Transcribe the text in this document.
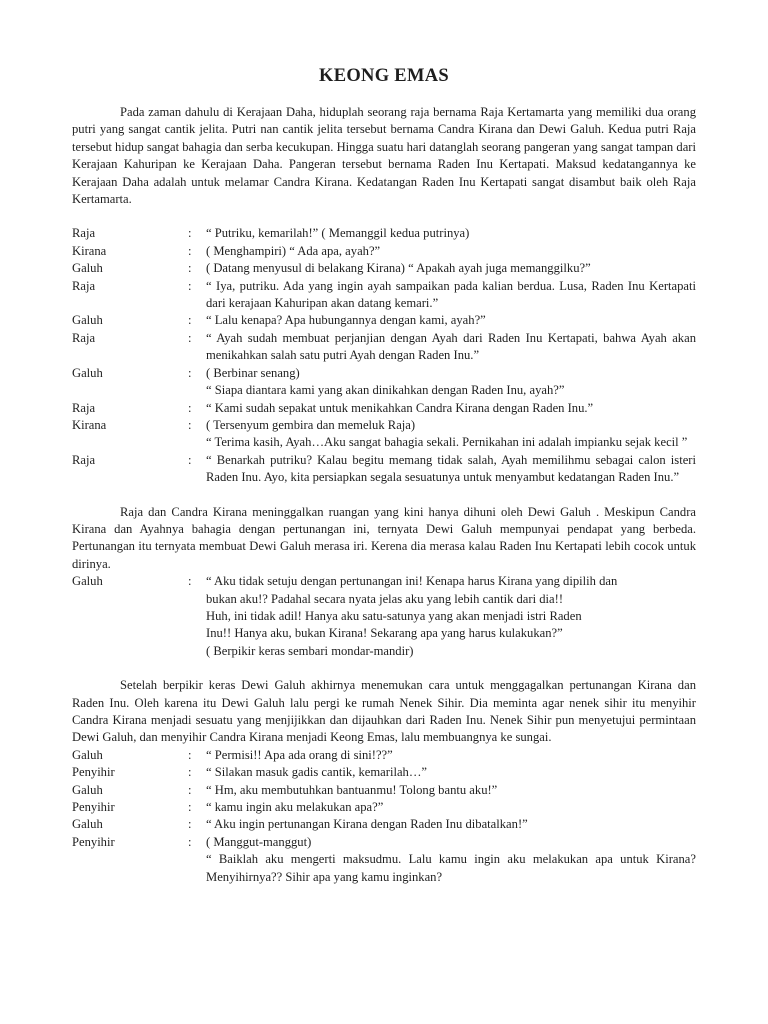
KEONG EMAS

Pada zaman dahulu di Kerajaan Daha, hiduplah seorang raja bernama Raja Kertamarta yang memiliki dua orang putri yang sangat cantik jelita. Putri nan cantik jelita tersebut bernama Candra Kirana dan Dewi Galuh. Kedua putri Raja tersebut hidup sangat bahagia dan serba kecukupan. Hingga suatu hari datanglah seorang pangeran yang sangat tampan dari Kerajaan Kahuripan ke Kerajaan Daha. Pangeran tersebut bernama Raden Inu Kertapati. Maksud kedatangannya ke Kerajaan Daha adalah untuk melamar Candra Kirana. Kedatangan Raden Inu Kertapati sangat disambut baik oleh Raja Kertamarta.

Raja	:	“ Putriku, kemarilah!” ( Memanggil kedua putrinya)
Kirana	:	( Menghampiri) “ Ada apa, ayah?”
Galuh	:	( Datang menyusul di belakang Kirana) “ Apakah ayah juga memanggilku?”
Raja	:	“ Iya, putriku. Ada yang ingin ayah sampaikan pada kalian berdua. Lusa, Raden Inu Kertapati dari kerajaan Kahuripan akan datang kemari.”
Galuh	:	“ Lalu kenapa? Apa hubungannya dengan kami, ayah?”
Raja	:	“ Ayah sudah membuat perjanjian dengan Ayah dari Raden Inu Kertapati, bahwa Ayah akan menikahkan salah satu putri Ayah dengan Raden Inu.”
Galuh	:	( Berbinar senang)
“ Siapa diantara kami yang akan dinikahkan dengan Raden Inu, ayah?”
Raja	:	“ Kami sudah sepakat untuk menikahkan Candra Kirana dengan Raden Inu.”
Kirana	:	( Tersenyum gembira dan memeluk Raja)
“ Terima kasih, Ayah…Aku sangat bahagia sekali. Pernikahan ini adalah impianku sejak kecil ”
Raja	:	“ Benarkah putriku? Kalau begitu memang tidak salah, Ayah memilihmu sebagai calon isteri Raden Inu. Ayo, kita persiapkan segala sesuatunya untuk menyambut kedatangan Raden Inu.”

Raja dan Candra Kirana meninggalkan ruangan yang kini hanya dihuni oleh Dewi Galuh . Meskipun Candra Kirana dan Ayahnya bahagia dengan pertunangan ini, ternyata Dewi Galuh mempunyai pendapat yang berbeda. Pertunangan itu ternyata membuat Dewi Galuh merasa iri. Kerena dia merasa kalau Raden Inu Kertapati lebih cocok untuk dirinya.

Galuh	:	“ Aku tidak setuju dengan pertunangan ini! Kenapa harus Kirana yang dipilih dan
bukan aku!? Padahal secara nyata jelas aku yang lebih cantik dari dia!!
Huh, ini tidak adil! Hanya aku satu-satunya yang akan menjadi istri Raden
Inu!! Hanya aku, bukan Kirana! Sekarang apa yang harus kulakukan?”
( Berpikir keras sembari mondar-mandir)

Setelah berpikir keras Dewi Galuh akhirnya menemukan cara untuk menggagalkan pertunangan Kirana dan Raden Inu. Oleh karena itu Dewi Galuh lalu pergi ke rumah Nenek Sihir. Dia meminta agar nenek sihir itu menyihir Candra Kirana menjadi sesuatu yang menjijikkan dan dijauhkan dari Raden Inu. Nenek Sihir pun menyetujui permintaan Dewi Galuh, dan menyihir Candra Kirana menjadi Keong Emas, lalu membuangnya ke sungai.

Galuh	:	“ Permisi!! Apa ada orang di sini!??”
Penyihir	:	“ Silakan masuk gadis cantik, kemarilah…”
Galuh	:	“ Hm, aku membutuhkan bantuanmu! Tolong bantu aku!”
Penyihir	:	“ kamu ingin aku melakukan apa?”
Galuh	:	“ Aku ingin pertunangan Kirana dengan Raden Inu dibatalkan!”
Penyihir	:	( Manggut-manggut)
“ Baiklah aku mengerti maksudmu. Lalu kamu ingin aku melakukan apa untuk Kirana? Menyihirnya?? Sihir apa yang kamu inginkan?
